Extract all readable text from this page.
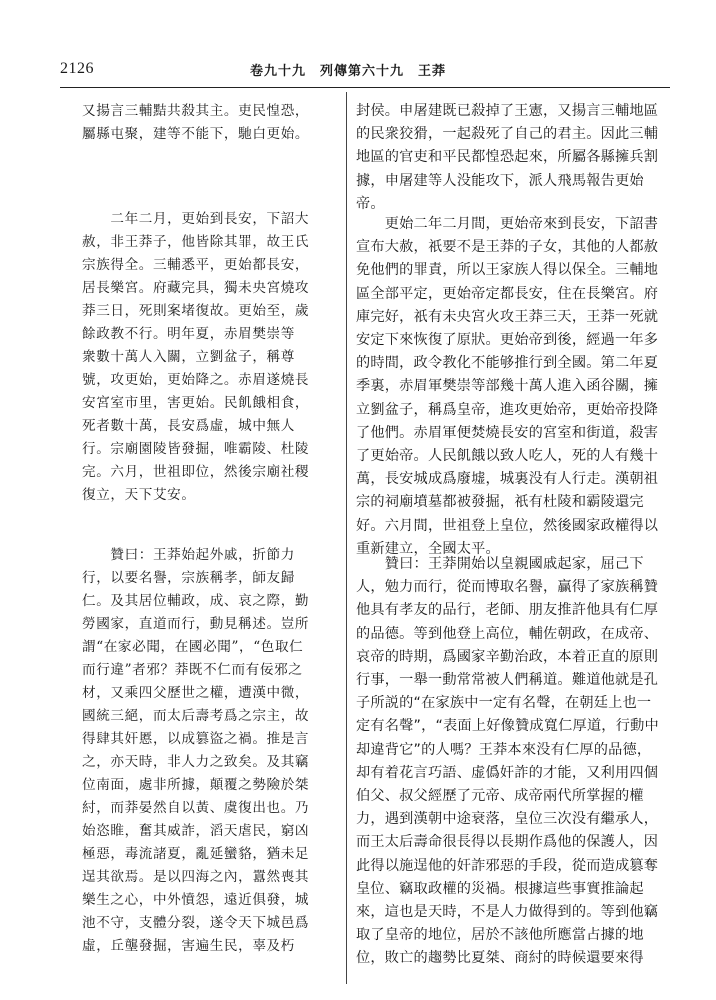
2126	卷九十九　列傳第六十九　王莽

又揚言三輔黠共殺其主。吏民惶恐，
屬縣屯聚，建等不能下，馳白更始。

　　二年二月，更始到長安，下詔大
赦，非王莽子，他皆除其罪，故王氏
宗族得全。三輔悉平，更始都長安，
居長樂宮。府藏完具，獨未央宮燒攻
莽三日，死則案堵復故。更始至，歲
餘政教不行。明年夏，赤眉樊崇等
衆數十萬人入關，立劉盆子，稱尊
號，攻更始，更始降之。赤眉遂燒長
安宮室市里，害更始。民飢餓相食，
死者數十萬，長安爲虛，城中無人
行。宗廟園陵皆發掘，唯霸陵、杜陵
完。六月，世祖即位，然後宗廟社稷
復立，天下艾安。

　　贊曰：王莽始起外戚，折節力
行，以要名譽，宗族稱孝，師友歸
仁。及其居位輔政，成、哀之際，勤
勞國家，直道而行，動見稱述。豈所
謂“在家必聞，在國必聞”，“色取仁
而行違”者邪？莽既不仁而有佞邪之
材，又乘四父歷世之權，遭漢中微，
國統三絕，而太后壽考爲之宗主，故
得肆其奸慝，以成篡盜之禍。推是言
之，亦天時，非人力之致矣。及其竊
位南面，處非所據，顛覆之勢險於桀
紂，而莽晏然自以黃、虞復出也。乃
始恣睢，奮其威詐，滔天虐民，窮凶
極惡，毒流諸夏，亂延蠻貉，猶未足
逞其欲焉。是以四海之內，囂然喪其
樂生之心，中外憤怨，遠近俱發，城
池不守，支體分裂，遂令天下城邑爲
虛，丘壟發掘，害遍生民，辜及朽

封侯。申屠建既已殺掉了王憲，又揚言三輔地區
的民衆狡猾，一起殺死了自己的君主。因此三輔
地區的官吏和平民都惶恐起來，所屬各縣擁兵割
據，申屠建等人没能攻下，派人飛馬報告更始
帝。

　　更始二年二月間，更始帝來到長安，下詔書
宣布大赦，祇要不是王莽的子女，其他的人都赦
免他們的罪責，所以王家族人得以保全。三輔地
區全部平定，更始帝定都長安，住在長樂宮。府
庫完好，祇有未央宮火攻王莽三天，王莽一死就
安定下來恢復了原狀。更始帝到後，經過一年多
的時間，政令教化不能够推行到全國。第二年夏
季裏，赤眉軍樊崇等部幾十萬人進入函谷關，擁
立劉盆子，稱爲皇帝，進攻更始帝，更始帝投降
了他們。赤眉軍便焚燒長安的宮室和街道，殺害
了更始帝。人民飢餓以致人吃人，死的人有幾十
萬，長安城成爲廢墟，城裏没有人行走。漢朝祖
宗的祠廟墳墓都被發掘，祇有杜陵和霸陵還完
好。六月間，世祖登上皇位，然後國家政權得以
重新建立，全國太平。

　　贊曰：王莽開始以皇親國戚起家，屈己下
人，勉力而行，從而博取名譽，贏得了家族稱贊
他具有孝友的品行，老師、朋友推許他具有仁厚
的品德。等到他登上高位，輔佐朝政，在成帝、
哀帝的時期，爲國家辛勤治政，本着正直的原則
行事，一舉一動常常被人們稱道。難道他就是孔
子所説的“在家族中一定有名聲，在朝廷上也一
定有名聲”，“表面上好像贊成寬仁厚道，行動中
却違背它”的人嗎？王莽本來没有仁厚的品德，
却有着花言巧語、虚僞奸詐的才能，又利用四個
伯父、叔父經歷了元帝、成帝兩代所掌握的權
力，遇到漢朝中途衰落，皇位三次没有繼承人，
而王太后壽命很長得以長期作爲他的保護人，因
此得以施逞他的奸詐邪惡的手段，從而造成篡奪
皇位、竊取政權的災禍。根據這些事實推論起
來，這也是天時，不是人力做得到的。等到他竊
取了皇帝的地位，居於不該他所應當占據的地
位，敗亡的趨勢比夏桀、商紂的時候還要來得
